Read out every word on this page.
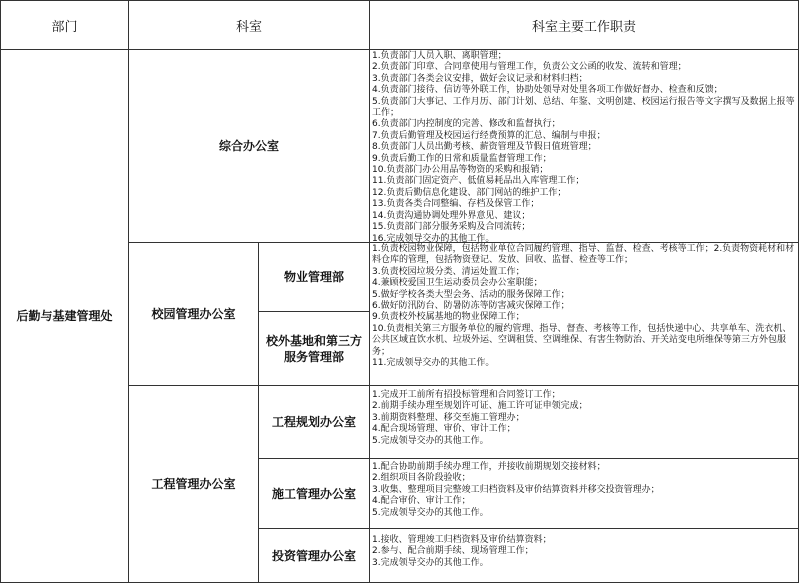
部门	科室	科室主要工作职责
后勤与基建管理处
综合办公室
1.负责部门人员入职、离职管理；
2.负责部门印章、合同章使用与管理工作，负责公文公函的收发、流转和管理；
3.负责部门各类会议安排，做好会议记录和材料归档；
4.负责部门接待、信访等外联工作，协助处领导对处里各项工作做好督办、检查和反馈；
5.负责部门大事记、工作月历、部门计划、总结、年鉴、文明创建、校园运行报告等文字撰写及数据上报等工作；
6.负责部门内控制度的完善、修改和监督执行；
7.负责后勤管理及校园运行经费预算的汇总、编制与申报；
8.负责部门人员出勤考核、薪资管理及节假日值班管理；
9.负责后勤工作的日常和质量监督管理工作；
10.负责部门办公用品等物资的采购和报销；
11.负责部门固定资产、低值易耗品出入库管理工作；
12.负责后勤信息化建设、部门网站的维护工作；
13.负责各类合同整编、存档及保管工作；
14.负责沟通协调处理外界意见、建议；
15.负责部门部分服务采购及合同流转；
16.完成领导交办的其他工作。
校园管理办公室
物业管理部
校外基地和第三方服务管理部
1.负责校园物业保障，包括物业单位合同履约管理、指导、监督、检查、考核等工作；2.负责物资耗材和材料仓库的管理，包括物资登记、发放、回收、监督、检查等工作；
3.负责校园垃圾分类、清运处置工作；
4.兼顾校爱国卫生运动委员会办公室职能；
5.做好学校各类大型会务、活动的服务保障工作；
6.做好防汛防台、防暑防冻等防害减灾保障工作；
9.负责校外校属基地的物业保障工作；
10.负责相关第三方服务单位的履约管理、指导、督查、考核等工作，包括快递中心、共享单车、洗衣机、公共区域直饮水机、垃圾外运、空调租赁、空调维保、有害生物防治、开关站变电所维保等第三方外包服务；
11.完成领导交办的其他工作。
工程管理办公室
工程规划办公室
1.完成开工前所有招投标管理和合同签订工作；
2.前期手续办理至规划许可证、施工许可证申领完成；
3.前期资料整理、移交至施工管理办；
4.配合现场管理、审价、审计工作；
5.完成领导交办的其他工作。
施工管理办公室
1.配合协助前期手续办理工作，并接收前期规划交接材料；
2.组织项目各阶段验收；
3.收集、整理项目完整竣工归档资料及审价结算资料并移交投资管理办；
4.配合审价、审计工作；
5.完成领导交办的其他工作。
投资管理办公室
1.接收、管理竣工归档资料及审价结算资料；
2.参与、配合前期手续、现场管理工作；
3.完成领导交办的其他工作。
